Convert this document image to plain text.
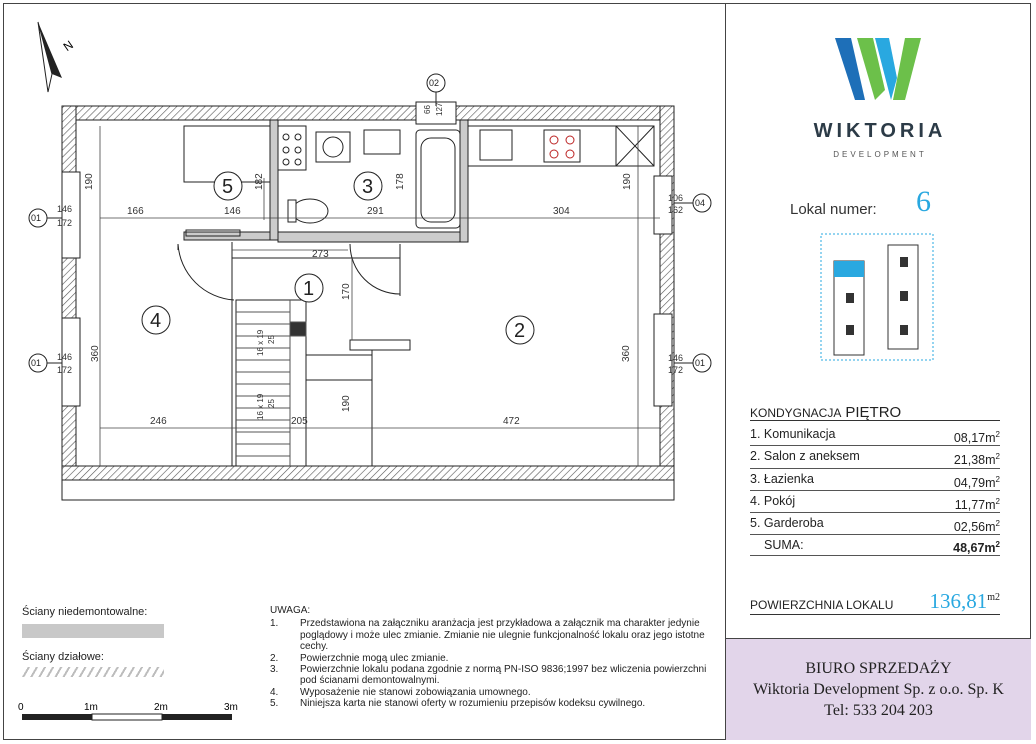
N
190
166	146
182
291
178
304
190
273
170
360	360
246	205	472
190
16 x 19
16 x 19
25
25
146
172
146
172
106
162
146
172
66 127
01
01
02
04
01
1
2
3
4
5
WIKTORIA
DEVELOPMENT
Lokal numer: 6
KONDYGNACJA PIĘTRO
1. Komunikacja	$08,17m^2$
2. Salon z aneksem	$21,38m^2$
3. Łazienka	$04,79m^2$
4. Pokój	$11,77m^2$
5. Garderoba	$02,56m^2$
SUMA:	$48,67m^2$
POWIERZCHNIA LOKALU $136,81^{m2}$
BIURO SPRZEDAŻY
Wiktoria Development Sp. z o.o. Sp. K
Tel: 533 204 203
Ściany niedemontowalne:
Ściany działowe:
UWAGA:
1.	Przedstawiona na załączniku aranżacja jest przykładowa a załącznik ma charakter jedynie poglądowy i może ulec zmianie. Zmianie nie ulegnie funkcjonalność lokalu oraz jego istotne cechy.
2.	Powierzchnie mogą ulec zmianie.
3.	Powierzchnie lokalu podana zgodnie z normą PN-ISO 9836;1997 bez wliczenia powierzchni pod ścianami demontowalnymi.
4.	Wyposażenie nie stanowi zobowiązania umownego.
5.	Niniejsza karta nie stanowi oferty w rozumieniu przepisów kodeksu cywilnego.
0	1m	2m	3m
